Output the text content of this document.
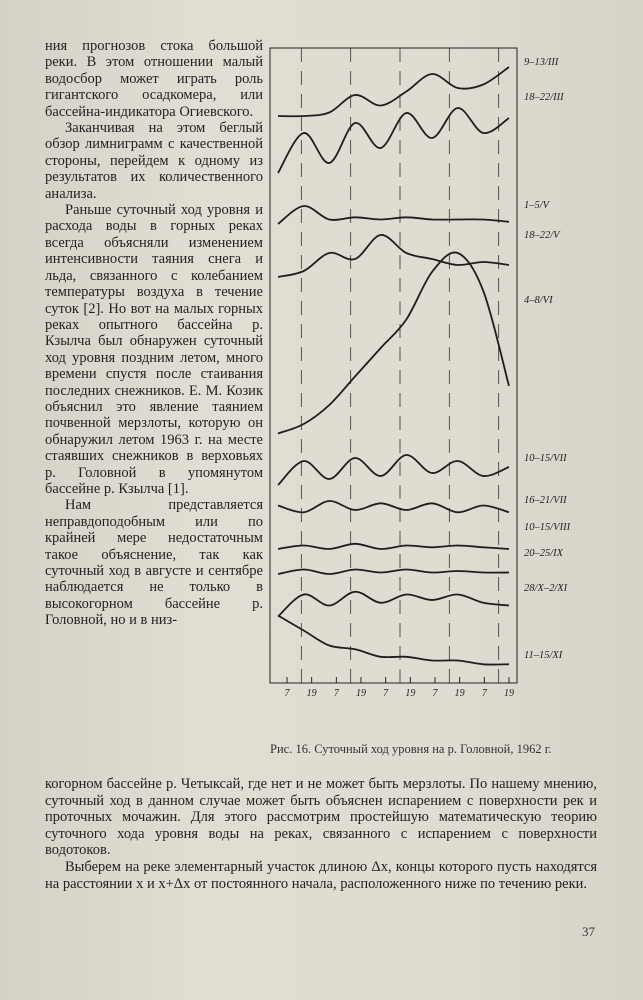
ния прогнозов стока большой реки. В этом отношении малый водосбор может играть роль гигантского осадкомера, или бассейна-индикатора Огиевского.

Заканчивая на этом беглый обзор лимниграмм с качественной стороны, перейдем к одному из результатов их количественного анализа.

Раньше суточный ход уровня и расхода воды в горных реках всегда объясняли изменением интенсивности таяния снега и льда, связанного с колебанием температуры воздуха в течение суток [2]. Но вот на малых горных реках опытного бассейна р. Кзылча был обнаружен суточный ход уровня поздним летом, много времени спустя после стаивания последних снежников. Е. М. Козик объяснил это явление таянием почвенной мерзлоты, которую он обнаружил летом 1963 г. на месте стаявших снежников в верховьях р. Головной в упомянутом бассейне р. Кзылча [1].

Нам представляется неправдоподобным или по крайней мере недостаточным такое объяснение, так как суточный ход в августе и сентябре наблюдается не только в высокогорном бассейне р. Головной, но и в низ-

9–13/III
18–22/III
1–5/V
18–22/V
4–8/VI
10–15/VII
16–21/VII
10–15/VIII
20–25/IX
28/X–2/XI
11–15/XI
7 19 7 19 7 19 7 19 7 19
Рис. 16. Суточный ход уровня на р. Головной, 1962 г.

когорном бассейне р. Четыксай, где нет и не может быть мерзлоты. По нашему мнению, суточный ход в данном случае может быть объяснен испарением с поверхности рек и проточных мочажин. Для этого рассмотрим простейшую математическую теорию суточного хода уровня воды на реках, связанного с испарением с поверхности водотоков.

Выберем на реке элементарный участок длиною Δx, концы которого пусть находятся на расстоянии x и x+Δx от постоянного начала, расположенного ниже по течению реки.

37
